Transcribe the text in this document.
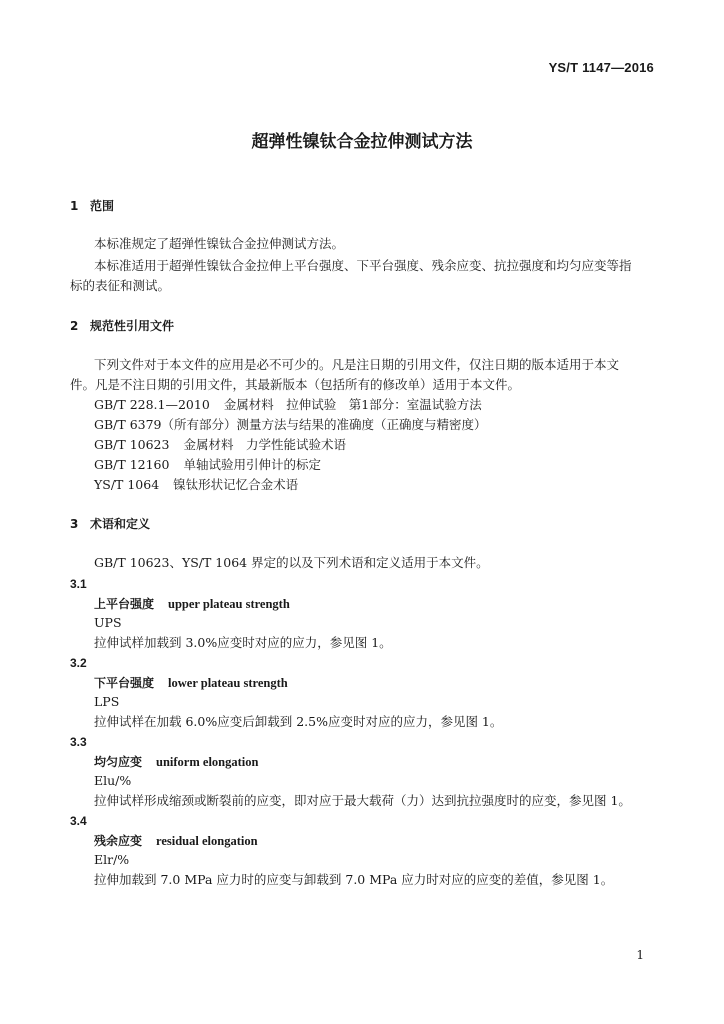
YS/T 1147—2016
超弹性镍钛合金拉伸测试方法
1 范围
本标准规定了超弹性镍钛合金拉伸测试方法。
本标准适用于超弹性镍钛合金拉伸上平台强度、下平台强度、残余应变、抗拉强度和均匀应变等指
标的表征和测试。
2 规范性引用文件
下列文件对于本文件的应用是必不可少的。凡是注日期的引用文件，仅注日期的版本适用于本文
件。凡是不注日期的引用文件，其最新版本（包括所有的修改单）适用于本文件。
GB/T 228.1—2010 金属材料　拉伸试验　第1部分：室温试验方法
GB/T 6379（所有部分）测量方法与结果的准确度（正确度与精密度）
GB/T 10623 金属材料　力学性能试验术语
GB/T 12160 单轴试验用引伸计的标定
YS/T 1064 镍钛形状记忆合金术语
3 术语和定义
GB/T 10623、YS/T 1064 界定的以及下列术语和定义适用于本文件。
3.1
上平台强度 upper plateau strength
UPS
拉伸试样加载到 3.0%应变时对应的应力，参见图 1。
3.2
下平台强度 lower plateau strength
LPS
拉伸试样在加载 6.0%应变后卸载到 2.5%应变时对应的应力，参见图 1。
3.3
均匀应变 uniform elongation
Elu/%
拉伸试样形成缩颈或断裂前的应变，即对应于最大载荷（力）达到抗拉强度时的应变，参见图 1。
3.4
残余应变 residual elongation
Elr/%
拉伸加载到 7.0 MPa 应力时的应变与卸载到 7.0 MPa 应力时对应的应变的差值，参见图 1。
1
